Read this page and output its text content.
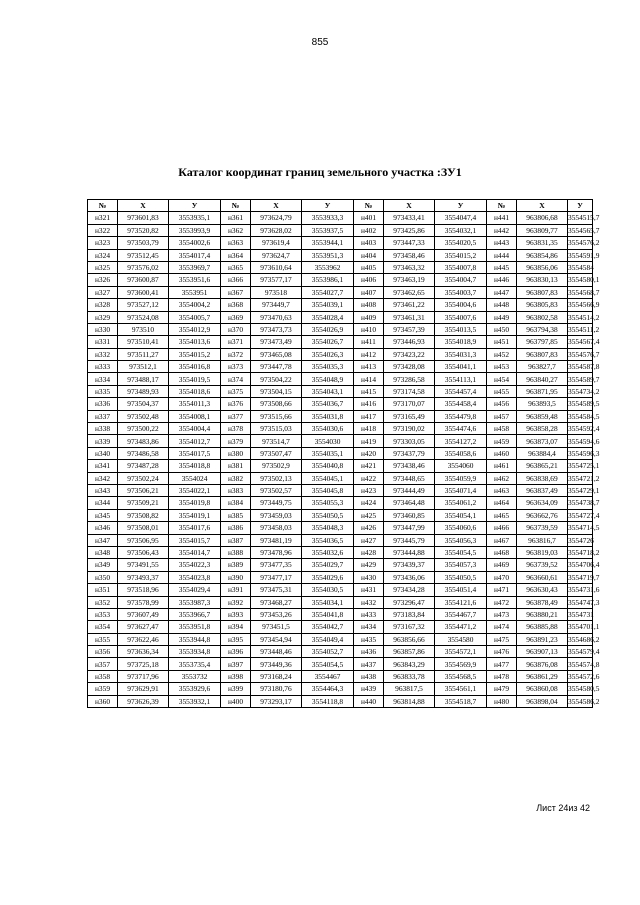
855
Каталог координат границ земельного участка :ЗУ1
№	Х	У	№	Х	У	№	Х	У	№	Х	У
н321	973601,83	3553935,1	н361	973624,79	3553933,3	н401	973433,41	3554047,4	н441	963806,68	3554515,7
н322	973520,82	3553993,9	н362	973628,02	3553937,5	н402	973425,86	3554032,1	н442	963809,77	3554565,7
н323	973503,79	3554002,6	н363	973619,4	3553944,1	н403	973447,33	3554020,5	н443	963831,35	3554576,2
н324	973512,45	3554017,4	н364	973624,7	3553951,3	н404	973458,46	3554015,2	н444	963854,86	3554591,9
н325	973576,02	3553969,7	н365	973610,64	3553962	н405	973463,32	3554007,8	н445	963856,06	3554584
н326	973600,87	3553951,6	н366	973577,17	3553986,1	н406	973463,19	3554004,7	н446	963830,13	3554580,1
н327	973600,41	3553951	н367	973518	3554027,7	н407	973462,65	3554003,7	н447	963807,83	3554568,7
н328	973527,12	3554004,2	н368	973449,7	3554039,1	н408	973461,22	3554004,6	н448	963805,83	3554566,9
н329	973524,08	3554005,7	н369	973470,63	3554028,4	н409	973461,31	3554007,6	н449	963802,58	3554514,2
н330	973510	3554012,9	н370	973473,73	3554026,9	н410	973457,39	3554013,5	н450	963794,38	3554511,2
н331	973510,41	3554013,6	н371	973473,49	3554026,7	н411	973446,93	3554018,9	н451	963797,85	3554567,4
н332	973511,27	3554015,2	н372	973465,08	3554026,3	н412	973423,22	3554031,3	н452	963807,83	3554576,7
н333	973512,1	3554016,8	н373	973447,78	3554035,3	н413	973428,08	3554041,1	н453	963827,7	3554587,8
н334	973488,17	3554019,5	н374	973504,22	3554048,9	н414	973286,58	3554113,1	н454	963840,27	3554589,7
н335	973489,93	3554018,6	н375	973504,15	3554043,1	н415	973174,58	3554457,4	н455	963871,95	3554734,2
н336	973504,37	3554011,3	н376	973508,66	3554036,7	н416	973170,07	3554458,4	н456	963893,5	3554589,5
н337	973502,48	3554008,1	н377	973515,66	3554031,8	н417	973165,49	3554479,8	н457	963859,48	3554584,5
н338	973500,22	3554004,4	н378	973515,03	3554030,6	н418	973190,02	3554474,6	н458	963858,28	3554592,4
н339	973483,86	3554012,7	н379	973514,7	3554030	н419	973303,05	3554127,2	н459	963873,07	3554594,6
н340	973486,58	3554017,5	н380	973507,47	3554035,1	н420	973437,79	3554058,6	н460	963884,4	3554596,3
н341	973487,28	3554018,8	н381	973502,9	3554040,8	н421	973438,46	3554060	н461	963865,21	3554725,1
н342	973502,24	3554024	н382	973502,13	3554045,1	н422	973448,65	3554059,9	н462	963838,69	3554721,2
н343	973506,21	3554022,1	н383	973502,57	3554045,8	н423	973444,49	3554071,4	н463	963837,49	3554729,1
н344	973509,21	3554019,8	н384	973449,75	3554055,3	н424	973464,48	3554061,2	н464	963634,09	3554738,7
н345	973508,82	3554019,1	н385	973459,03	3554050,5	н425	973460,85	3554054,1	н465	963662,76	3554727,4
н346	973508,01	3554017,6	н386	973458,03	3554048,3	н426	973447,99	3554060,6	н466	963739,59	3554714,5
н347	973506,95	3554015,7	н387	973481,19	3554036,5	н427	973445,79	3554056,3	н467	963816,7	3554726
н348	973506,43	3554014,7	н388	973478,96	3554032,6	н428	973444,88	3554054,5	н468	963819,03	3554718,2
н349	973491,55	3554022,3	н389	973477,35	3554029,7	н429	973439,37	3554057,3	н469	963739,52	3554706,4
н350	973493,37	3554023,8	н390	973477,17	3554029,6	н430	973436,06	3554050,5	н470	963660,61	3554719,7
н351	973518,96	3554029,4	н391	973475,31	3554030,5	н431	973434,28	3554051,4	н471	963630,43	3554731,6
н352	973578,99	3553987,3	н392	973468,27	3554034,1	н432	973296,47	3554121,6	н472	963878,49	3554747,3
н353	973607,49	3553966,7	н393	973453,26	3554041,8	н433	973183,84	3554467,7	н473	963880,21	3554731
н354	973627,47	3553951,8	н394	973451,5	3554042,7	н434	973167,32	3554471,2	н474	963885,88	3554701,1
н355	973622,46	3553944,8	н395	973454,94	3554049,4	н435	963856,66	3554580	н475	963891,23	3554686,2
н356	973636,34	3553934,8	н396	973448,46	3554052,7	н436	963857,86	3554572,1	н476	963907,13	3554579,4
н357	973725,18	3553735,4	н397	973449,36	3554054,5	н437	963843,29	3554569,9	н477	963876,08	3554574,8
н358	973717,96	3553732	н398	973168,24	3554467	н438	963833,78	3554568,5	н478	963861,29	3554572,6
н359	973629,91	3553929,6	н399	973180,76	3554464,3	н439	963817,5	3554561,1	н479	963860,08	3554580,5
н360	973626,39	3553932,1	н400	973293,17	3554118,8	н440	963814,88	3554518,7	н480	963898,04	3554586,2
Лист 24из 42
